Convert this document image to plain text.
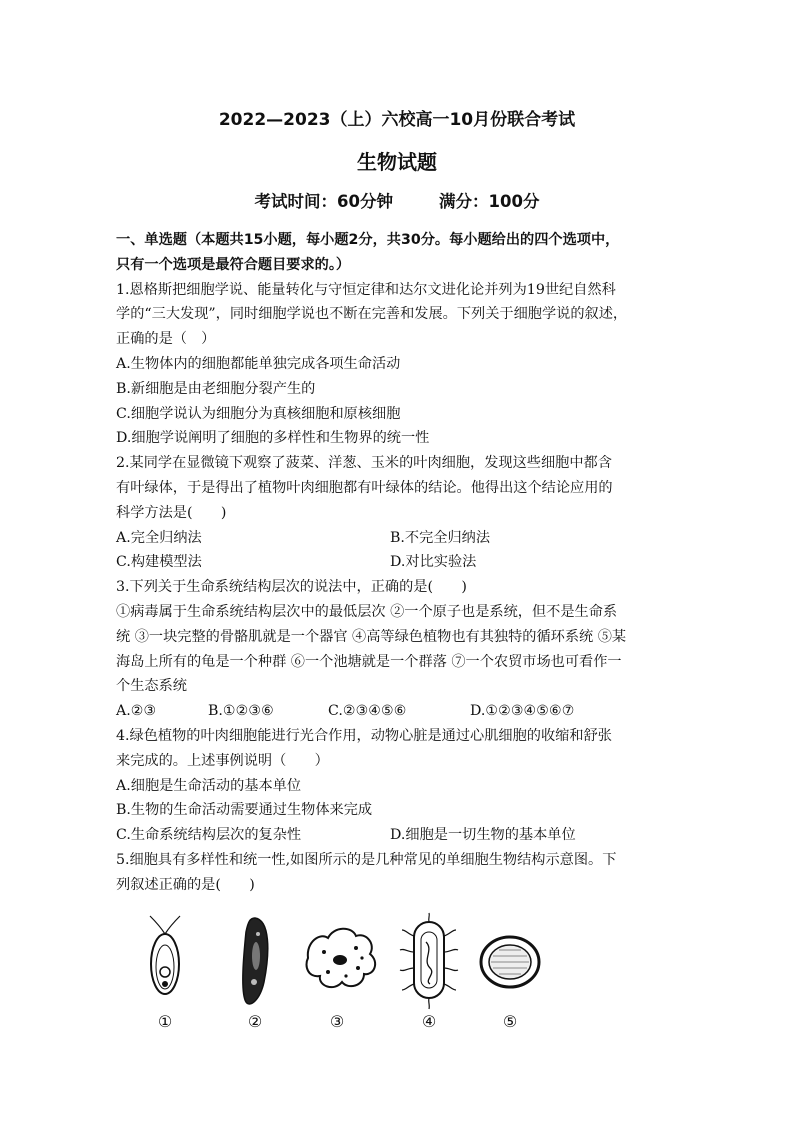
2022—2023（上）六校高一10月份联合考试
生物试题
考试时间：60分钟	满分：100分

一、单选题（本题共15小题，每小题2分，共30分。每小题给出的四个选项中，

只有一个选项是最符合题目要求的。）

1.恩格斯把细胞学说、能量转化与守恒定律和达尔文进化论并列为19世纪自然科

学的“三大发现”，同时细胞学说也不断在完善和发展。下列关于细胞学说的叙述，

正确的是（　）

A.生物体内的细胞都能单独完成各项生命活动

B.新细胞是由老细胞分裂产生的

C.细胞学说认为细胞分为真核细胞和原核细胞

D.细胞学说阐明了细胞的多样性和生物界的统一性

2.某同学在显微镜下观察了菠菜、洋葱、玉米的叶肉细胞，发现这些细胞中都含

有叶绿体，于是得出了植物叶肉细胞都有叶绿体的结论。他得出这个结论应用的

科学方法是(　　)

A.完全归纳法	B.不完全归纳法
C.构建模型法	D.对比实验法

3.下列关于生命系统结构层次的说法中，正确的是(　　)

①病毒属于生命系统结构层次中的最低层次 ②一个原子也是系统，但不是生命系

统 ③一块完整的骨骼肌就是一个器官 ④高等绿色植物也有其独特的循环系统 ⑤某

海岛上所有的龟是一个种群 ⑥一个池塘就是一个群落 ⑦一个农贸市场也可看作一

个生态系统

A.②③	B.①②③⑥	C.②③④⑤⑥	D.①②③④⑤⑥⑦

4.绿色植物的叶肉细胞能进行光合作用，动物心脏是通过心肌细胞的收缩和舒张

来完成的。上述事例说明（　　）

A.细胞是生命活动的基本单位

B.生物的生命活动需要通过生物体来完成

C.生命系统结构层次的复杂性	D.细胞是一切生物的基本单位

5.细胞具有多样性和统一性,如图所示的是几种常见的单细胞生物结构示意图。下

列叙述正确的是(　　)

①	②	③	④	⑤
